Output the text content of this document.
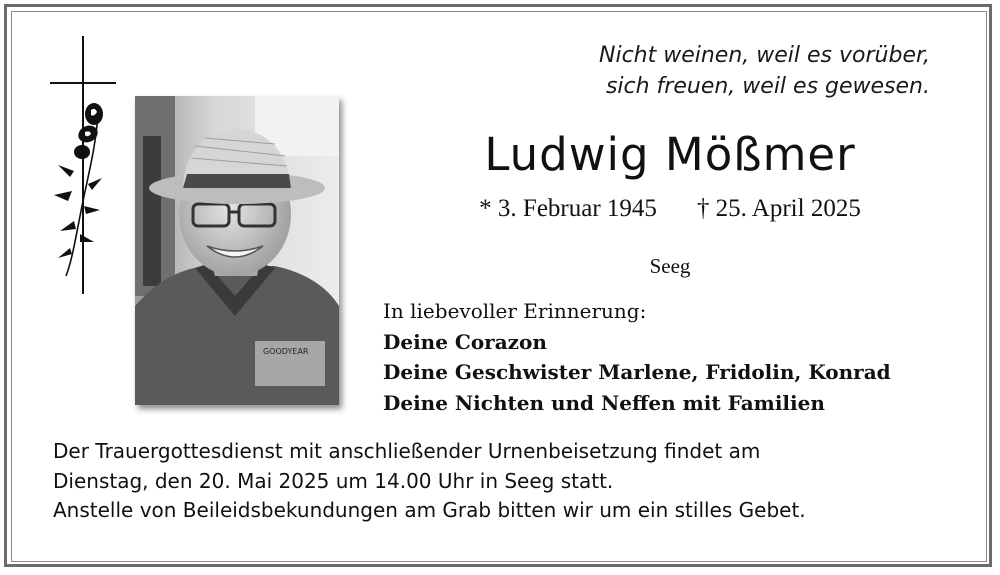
GOODYEAR
Nicht weinen, weil es vorüber,
sich freuen, weil es gewesen.
Ludwig Mößmer
* 3. Februar 1945 † 25. April 2025
Seeg
In liebevoller Erinnerung:
Deine Corazon
Deine Geschwister Marlene, Fridolin, Konrad
Deine Nichten und Neffen mit Familien
Der Trauergottesdienst mit anschließender Urnenbeisetzung findet am
Dienstag, den 20. Mai 2025 um 14.00 Uhr in Seeg statt.
Anstelle von Beileidsbekundungen am Grab bitten wir um ein stilles Gebet.
